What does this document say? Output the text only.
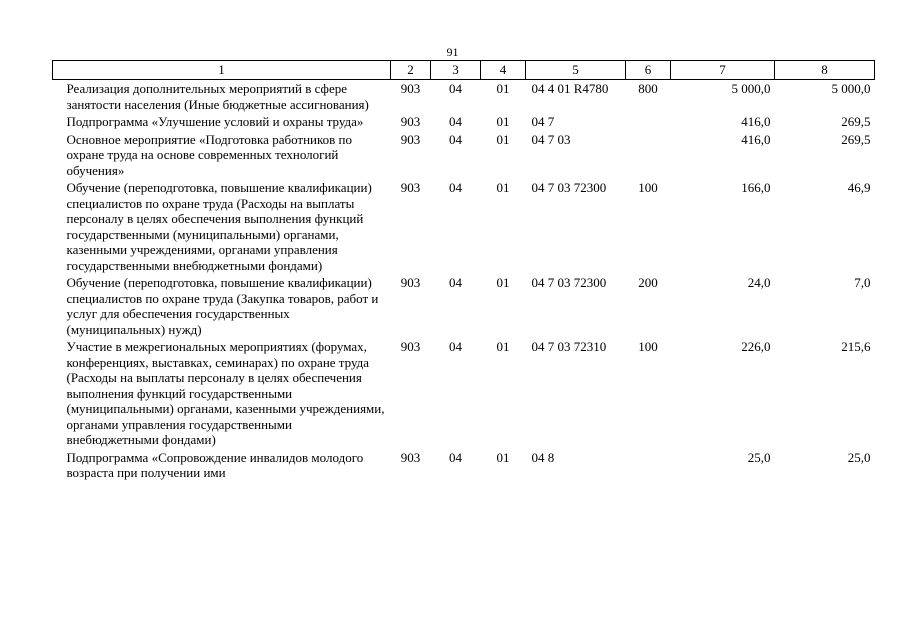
91
1	2	3	4	5	6	7	8
Реализация дополнительных мероприятий в сфере занятости населения (Иные бюджетные ассигнования)	903	04	01	04 4 01 R4780	800	5 000,0	5 000,0
Подпрограмма «Улучшение условий и охраны труда»	903	04	01	04 7		416,0	269,5
Основное мероприятие «Подготовка работников по охране труда на основе современных технологий обучения»	903	04	01	04 7 03		416,0	269,5
Обучение (переподготовка, повышение квалификации) специалистов по охране труда (Расходы на выплаты персоналу в целях обеспечения выполнения функций государственными (муниципальными) органами, казенными учреждениями, органами управления государственными внебюджетными фондами)	903	04	01	04 7 03 72300	100	166,0	46,9
Обучение (переподготовка, повышение квалификации) специалистов по охране труда (Закупка товаров, работ и услуг для обеспечения государственных (муниципальных) нужд)	903	04	01	04 7 03 72300	200	24,0	7,0
Участие в межрегиональных мероприятиях (форумах, конференциях, выставках, семинарах) по охране труда (Расходы на выплаты персоналу в целях обеспечения выполнения функций государственными (муниципальными) органами, казенными учреждениями, органами управления государственными внебюджетными фондами)	903	04	01	04 7 03 72310	100	226,0	215,6
Подпрограмма «Сопровождение инвалидов молодого возраста при получении ими	903	04	01	04 8		25,0	25,0
